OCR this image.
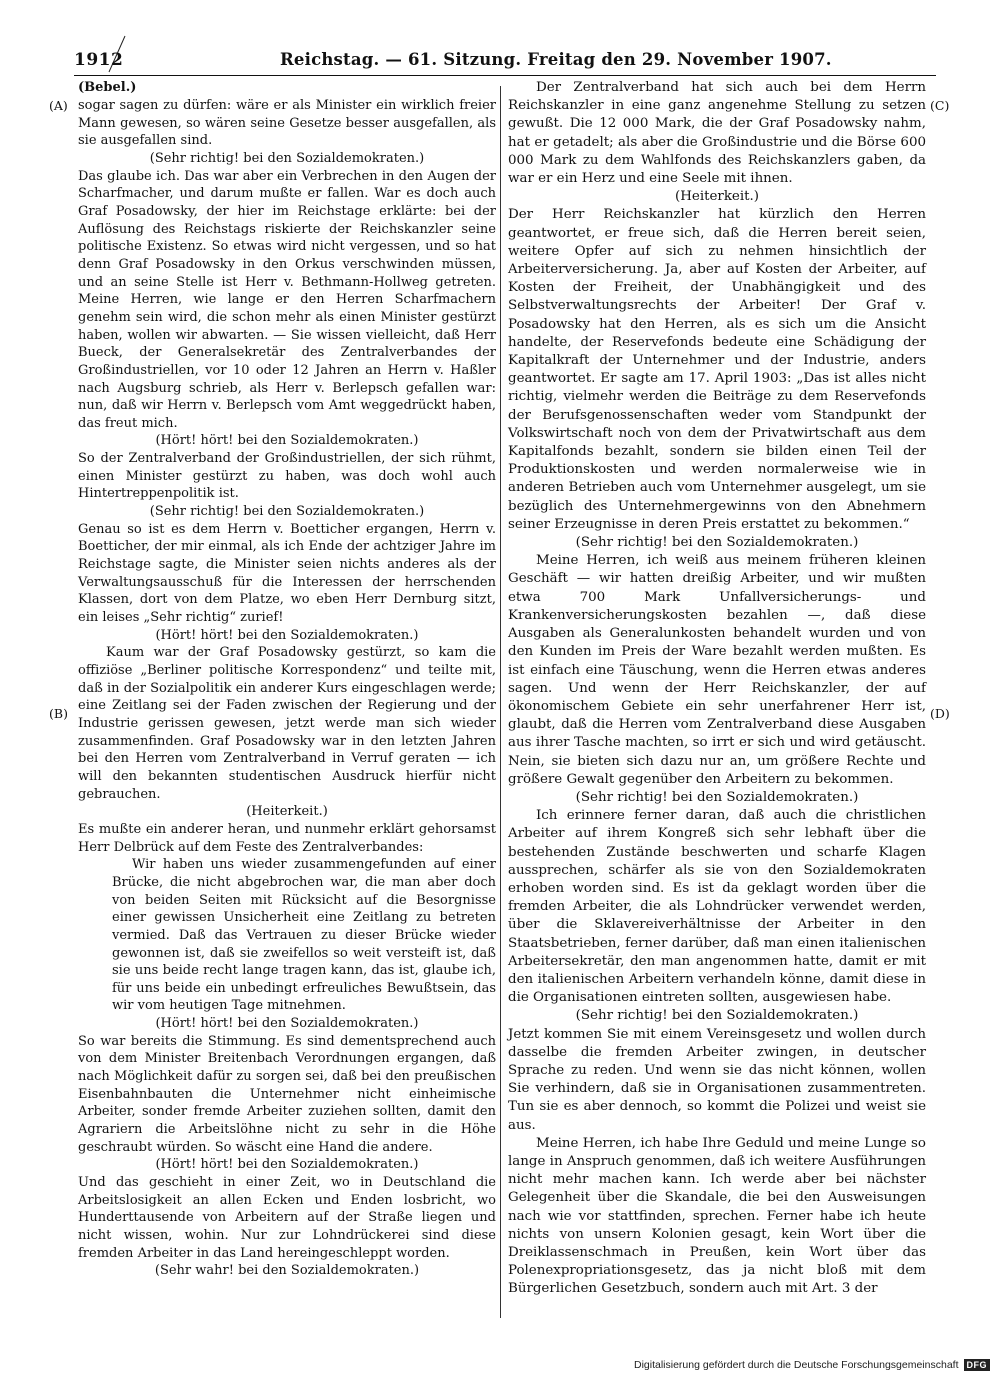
1912	Reichstag. — 61. Sitzung. Freitag den 29. November 1907.
(A)
(B)
(C)
(D)
(Bebel.)

sogar sagen zu dürfen: wäre er als Minister ein wirklich freier Mann gewesen, so wären seine Gesetze besser ausgefallen, als sie ausgefallen sind.

(Sehr richtig! bei den Sozialdemokraten.)

Das glaube ich. Das war aber ein Verbrechen in den Augen der Scharfmacher, und darum mußte er fallen. War es doch auch Graf Posadowsky, der hier im Reichstage erklärte: bei der Auflösung des Reichstags riskierte der Reichskanzler seine politische Existenz. So etwas wird nicht vergessen, und so hat denn Graf Posadowsky in den Orkus verschwinden müssen, und an seine Stelle ist Herr v. Bethmann-Hollweg getreten. Meine Herren, wie lange er den Herren Scharfmachern genehm sein wird, die schon mehr als einen Minister gestürzt haben, wollen wir abwarten. — Sie wissen vielleicht, daß Herr Bueck, der Generalsekretär des Zentralverbandes der Großindustriellen, vor 10 oder 12 Jahren an Herrn v. Haßler nach Augsburg schrieb, als Herr v. Berlepsch gefallen war: nun, daß wir Herrn v. Berlepsch vom Amt weggedrückt haben, das freut mich.

(Hört! hört! bei den Sozialdemokraten.)

So der Zentralverband der Großindustriellen, der sich rühmt, einen Minister gestürzt zu haben, was doch wohl auch Hintertreppenpolitik ist.

(Sehr richtig! bei den Sozialdemokraten.)

Genau so ist es dem Herrn v. Boetticher ergangen, Herrn v. Boetticher, der mir einmal, als ich Ende der achtziger Jahre im Reichstage sagte, die Minister seien nichts anderes als der Verwaltungsausschuß für die Interessen der herrschenden Klassen, dort von dem Platze, wo eben Herr Dernburg sitzt, ein leises „Sehr richtig“ zurief!

(Hört! hört! bei den Sozialdemokraten.)

Kaum war der Graf Posadowsky gestürzt, so kam die offiziöse „Berliner politische Korrespondenz“ und teilte mit, daß in der Sozialpolitik ein anderer Kurs eingeschlagen werde; eine Zeitlang sei der Faden zwischen der Regierung und der Industrie gerissen gewesen, jetzt werde man sich wieder zusammenfinden. Graf Posadowsky war in den letzten Jahren bei den Herren vom Zentralverband in Verruf geraten — ich will den bekannten studentischen Ausdruck hierfür nicht gebrauchen.

(Heiterkeit.)

Es mußte ein anderer heran, und nunmehr erklärt gehorsamst Herr Delbrück auf dem Feste des Zentralverbandes:

Wir haben uns wieder zusammengefunden auf einer Brücke, die nicht abgebrochen war, die man aber doch von beiden Seiten mit Rücksicht auf die Besorgnisse einer gewissen Unsicherheit eine Zeitlang zu betreten vermied. Daß das Vertrauen zu dieser Brücke wieder gewonnen ist, daß sie zweifellos so weit versteift ist, daß sie uns beide recht lange tragen kann, das ist, glaube ich, für uns beide ein unbedingt erfreuliches Bewußtsein, das wir vom heutigen Tage mitnehmen.

(Hört! hört! bei den Sozialdemokraten.)

So war bereits die Stimmung. Es sind dementsprechend auch von dem Minister Breitenbach Verordnungen ergangen, daß nach Möglichkeit dafür zu sorgen sei, daß bei den preußischen Eisenbahnbauten die Unternehmer nicht einheimische Arbeiter, sonder fremde Arbeiter zuziehen sollten, damit den Agrariern die Arbeitslöhne nicht zu sehr in die Höhe geschraubt würden. So wäscht eine Hand die andere.

(Hört! hört! bei den Sozialdemokraten.)

Und das geschieht in einer Zeit, wo in Deutschland die Arbeitslosigkeit an allen Ecken und Enden losbricht, wo Hunderttausende von Arbeitern auf der Straße liegen und nicht wissen, wohin. Nur zur Lohndrückerei sind diese fremden Arbeiter in das Land hereingeschleppt worden.

(Sehr wahr! bei den Sozialdemokraten.)

Der Zentralverband hat sich auch bei dem Herrn Reichskanzler in eine ganz angenehme Stellung zu setzen gewußt. Die 12 000 Mark, die der Graf Posadowsky nahm, hat er getadelt; als aber die Großindustrie und die Börse 600 000 Mark zu dem Wahlfonds des Reichskanzlers gaben, da war er ein Herz und eine Seele mit ihnen.

(Heiterkeit.)

Der Herr Reichskanzler hat kürzlich den Herren geantwortet, er freue sich, daß die Herren bereit seien, weitere Opfer auf sich zu nehmen hinsichtlich der Arbeiterversicherung. Ja, aber auf Kosten der Arbeiter, auf Kosten der Freiheit, der Unabhängigkeit und des Selbstverwaltungsrechts der Arbeiter! Der Graf v. Posadowsky hat den Herren, als es sich um die Ansicht handelte, der Reservefonds bedeute eine Schädigung der Kapitalkraft der Unternehmer und der Industrie, anders geantwortet. Er sagte am 17. April 1903: „Das ist alles nicht richtig, vielmehr werden die Beiträge zu dem Reservefonds der Berufsgenossenschaften weder vom Standpunkt der Volkswirtschaft noch von dem der Privatwirtschaft aus dem Kapitalfonds bezahlt, sondern sie bilden einen Teil der Produktionskosten und werden normalerweise wie in anderen Betrieben auch vom Unternehmer ausgelegt, um sie bezüglich des Unternehmergewinns von den Abnehmern seiner Erzeugnisse in deren Preis erstattet zu bekommen.“

(Sehr richtig! bei den Sozialdemokraten.)

Meine Herren, ich weiß aus meinem früheren kleinen Geschäft — wir hatten dreißig Arbeiter, und wir mußten etwa 700 Mark Unfallversicherungs- und Krankenversicherungskosten bezahlen —, daß diese Ausgaben als Generalunkosten behandelt wurden und von den Kunden im Preis der Ware bezahlt werden mußten. Es ist einfach eine Täuschung, wenn die Herren etwas anderes sagen. Und wenn der Herr Reichskanzler, der auf ökonomischem Gebiete ein sehr unerfahrener Herr ist, glaubt, daß die Herren vom Zentralverband diese Ausgaben aus ihrer Tasche machten, so irrt er sich und wird getäuscht. Nein, sie bieten sich dazu nur an, um größere Rechte und größere Gewalt gegenüber den Arbeitern zu bekommen.

(Sehr richtig! bei den Sozialdemokraten.)

Ich erinnere ferner daran, daß auch die christlichen Arbeiter auf ihrem Kongreß sich sehr lebhaft über die bestehenden Zustände beschwerten und scharfe Klagen aussprechen, schärfer als sie von den Sozialdemokraten erhoben worden sind. Es ist da geklagt worden über die fremden Arbeiter, die als Lohndrücker verwendet werden, über die Sklavereiverhältnisse der Arbeiter in den Staatsbetrieben, ferner darüber, daß man einen italienischen Arbeitersekretär, den man angenommen hatte, damit er mit den italienischen Arbeitern verhandeln könne, damit diese in die Organisationen eintreten sollten, ausgewiesen habe.

(Sehr richtig! bei den Sozialdemokraten.)

Jetzt kommen Sie mit einem Vereinsgesetz und wollen durch dasselbe die fremden Arbeiter zwingen, in deutscher Sprache zu reden. Und wenn sie das nicht können, wollen Sie verhindern, daß sie in Organisationen zusammentreten. Tun sie es aber dennoch, so kommt die Polizei und weist sie aus.

Meine Herren, ich habe Ihre Geduld und meine Lunge so lange in Anspruch genommen, daß ich weitere Ausführungen nicht mehr machen kann. Ich werde aber bei nächster Gelegenheit über die Skandale, die bei den Ausweisungen nach wie vor stattfinden, sprechen. Ferner habe ich heute nichts von unsern Kolonien gesagt, kein Wort über die Dreiklassenschmach in Preußen, kein Wort über das Polenexpropriationsgesetz, das ja nicht bloß mit dem Bürgerlichen Gesetzbuch, sondern auch mit Art. 3 der

Digitalisierung gefördert durch die Deutsche Forschungsgemeinschaft DFG
